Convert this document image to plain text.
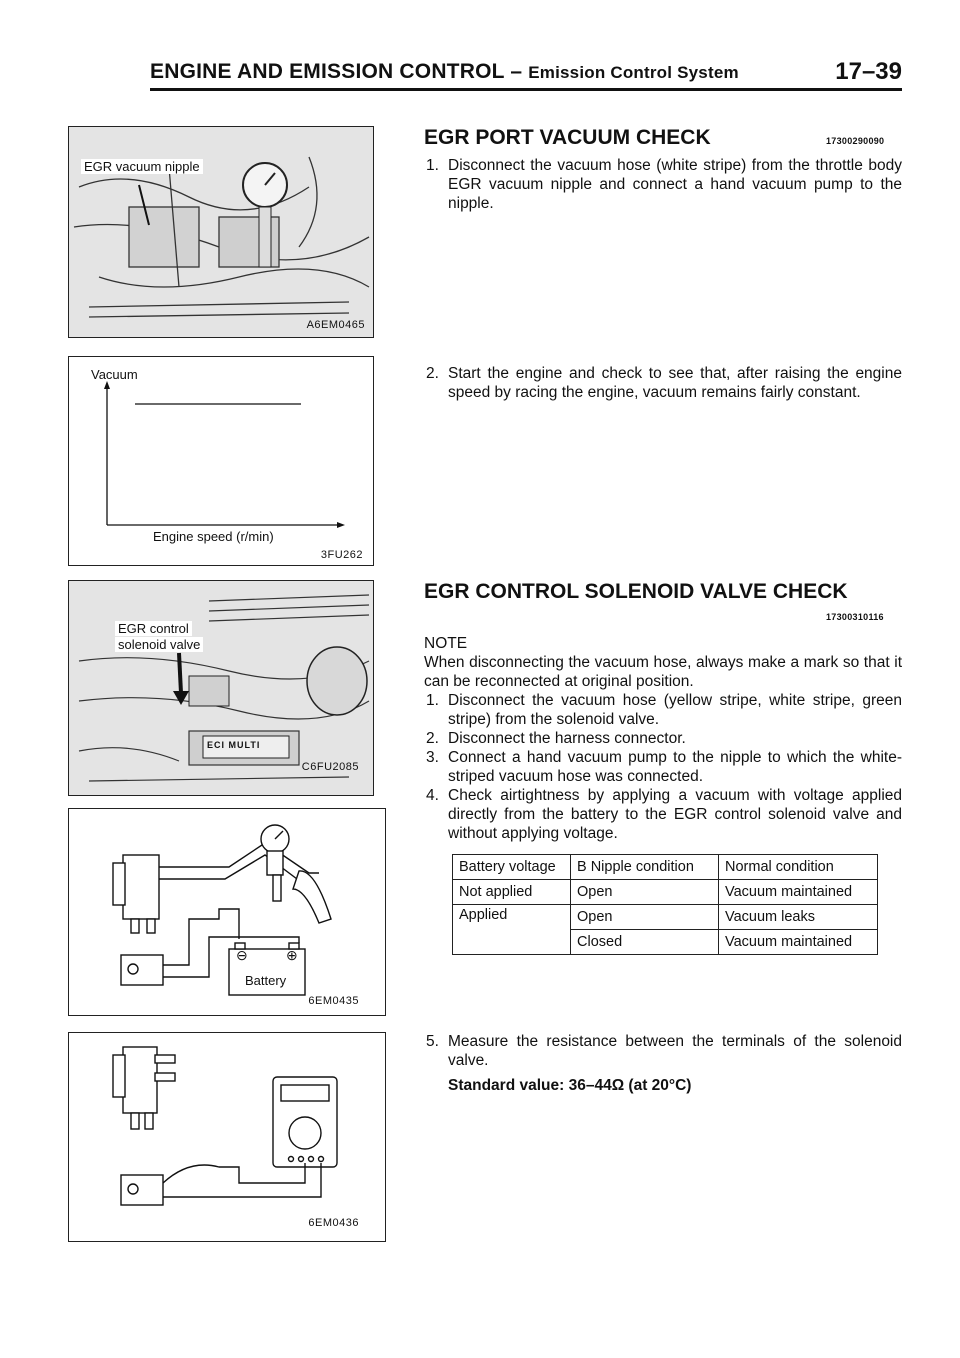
ENGINE AND EMISSION CONTROL – Emission Control System	17–39
EGR vacuum nipple
A6EM0465
Vacuum
Engine speed (r/min)
3FU262
EGR control
solenoid valve
ECI MULTI
C6FU2085
⊖	⊕
Battery
6EM0435
6EM0436
EGR PORT VACUUM CHECK	17300290090
1. Disconnect the vacuum hose (white stripe) from the throttle body EGR vacuum nipple and connect a hand vacuum pump to the nipple.
2. Start the engine and check to see that, after raising the engine speed by racing the engine, vacuum remains fairly constant.
EGR CONTROL SOLENOID VALVE CHECK
17300310116
NOTE
When disconnecting the vacuum hose, always make a mark so that it can be reconnected at original position.
1. Disconnect the vacuum hose (yellow stripe, white stripe, green stripe) from the solenoid valve.
2. Disconnect the harness connector.
3. Connect a hand vacuum pump to the nipple to which the white-striped vacuum hose was connected.
4. Check airtightness by applying a vacuum with voltage applied directly from the battery to the EGR control solenoid valve and without applying voltage.
Battery voltage	B Nipple condition	Normal condition
Not applied	Open	Vacuum maintained
Applied	Open	Vacuum leaks
	Closed	Vacuum maintained
5. Measure the resistance between the terminals of the solenoid valve.
Standard value: 36–44Ω (at 20°C)
